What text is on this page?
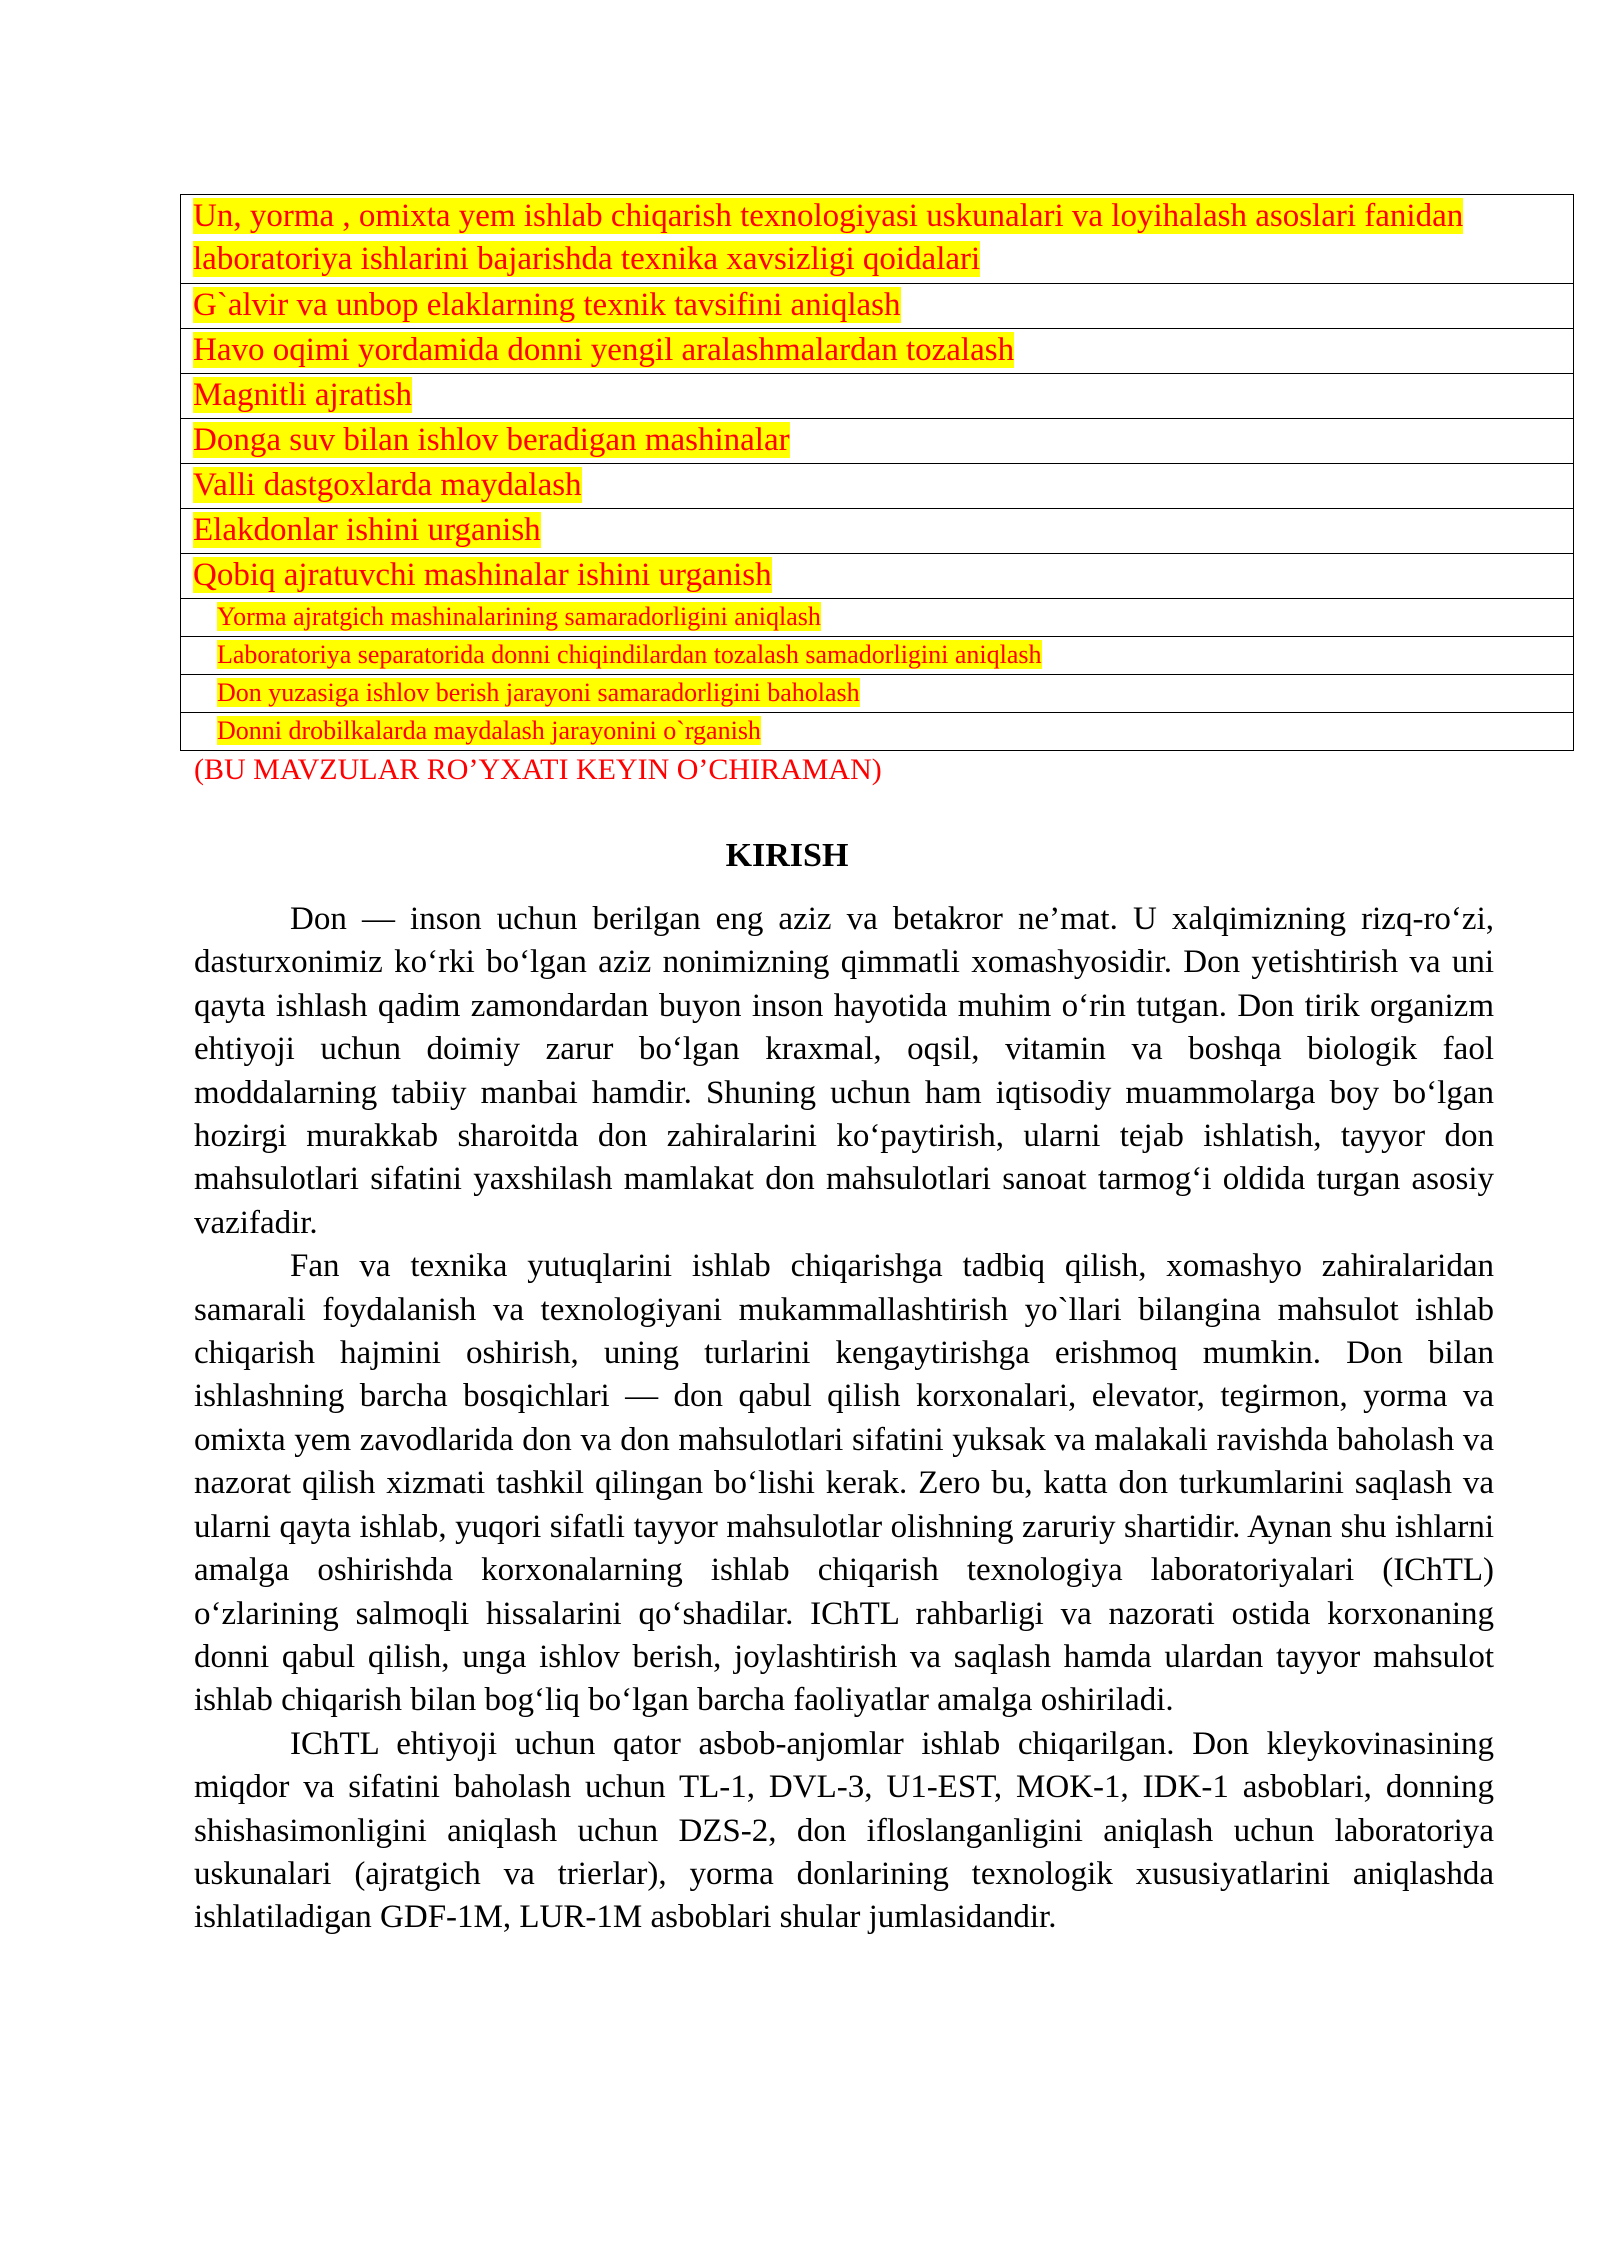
Un, yorma , omixta yem ishlab chiqarish texnologiyasi uskunalari va loyihalash asoslari fanidan laboratoriya ishlarini bajarishda texnika xavsizligi qoidalari
G`alvir va unbop elaklarning texnik tavsifini aniqlash
Havo oqimi yordamida donni yengil aralashmalardan tozalash
Magnitli ajratish
Donga suv bilan ishlov beradigan mashinalar
Valli dastgoxlarda maydalash
Elakdonlar ishini urganish
Qobiq ajratuvchi mashinalar ishini urganish
Yorma ajratgich mashinalarining samaradorligini aniqlash
Laboratoriya separatorida donni chiqindilardan tozalash samadorligini aniqlash
Don yuzasiga ishlov berish jarayoni samaradorligini baholash
Donni drobilkalarda maydalash jarayonini o`rganish
(BU MAVZULAR RO’YXATI KEYIN O’CHIRAMAN)
KIRISH

Don — inson uchun berilgan eng aziz va betakror ne’mat. U xalqimizning rizq-ro‘zi, dasturxonimiz ko‘rki bo‘lgan aziz nonimizning qimmatli xomashyosidir. Don yetishtirish va uni qayta ishlash qadim zamondardan buyon inson hayotida muhim o‘rin tutgan. Don tirik organizm ehtiyoji uchun doimiy zarur bo‘lgan kraxmal, oqsil, vitamin va boshqa biologik faol moddalarning tabiiy manbai hamdir. Shuning uchun ham iqtisodiy muammolarga boy bo‘lgan hozirgi murakkab sharoitda don zahiralarini ko‘paytirish, ularni tejab ishlatish, tayyor don mahsulotlari sifatini yaxshilash mamlakat don mahsulotlari sanoat tarmog‘i oldida turgan asosiy vazifadir.

Fan va texnika yutuqlarini ishlab chiqarishga tadbiq qilish, xomashyo zahiralaridan samarali foydalanish va texnologiyani mukammallashtirish yo`llari bilangina mahsulot ishlab chiqarish hajmini oshirish, uning turlarini kengaytirishga erishmoq mumkin. Don bilan ishlashning barcha bosqichlari — don qabul qilish korxonalari, elevator, tegirmon, yorma va omixta yem zavodlarida don va don mahsulotlari sifatini yuksak va malakali ravishda baholash va nazorat qilish xizmati tashkil qilingan bo‘lishi kerak. Zero bu, katta don turkumlarini saqlash va ularni qayta ishlab, yuqori sifatli tayyor mahsulotlar olishning zaruriy shartidir. Aynan shu ishlarni amalga oshirishda korxonalarning ishlab chiqarish texnologiya laboratoriyalari (IChTL) o‘zlarining salmoqli hissalarini qo‘shadilar. IChTL rahbarligi va nazorati ostida korxonaning donni qabul qilish, unga ishlov berish, joylashtirish va saqlash hamda ulardan tayyor mahsulot ishlab chiqarish bilan bog‘liq bo‘lgan barcha faoliyatlar amalga oshiriladi.

IChTL ehtiyoji uchun qator asbob-anjomlar ishlab chiqarilgan. Don kleykovinasining miqdor va sifatini baholash uchun TL-1, DVL-3, U1-EST, MOK-1, IDK-1 asboblari, donning shishasimonligini aniqlash uchun DZS-2, don ifloslanganligini aniqlash uchun laboratoriya uskunalari (ajratgich va trierlar), yorma donlarining texnologik xususiyatlarini aniqlashda ishlatiladigan GDF-1M, LUR-1M asboblari shular jumlasidandir.
